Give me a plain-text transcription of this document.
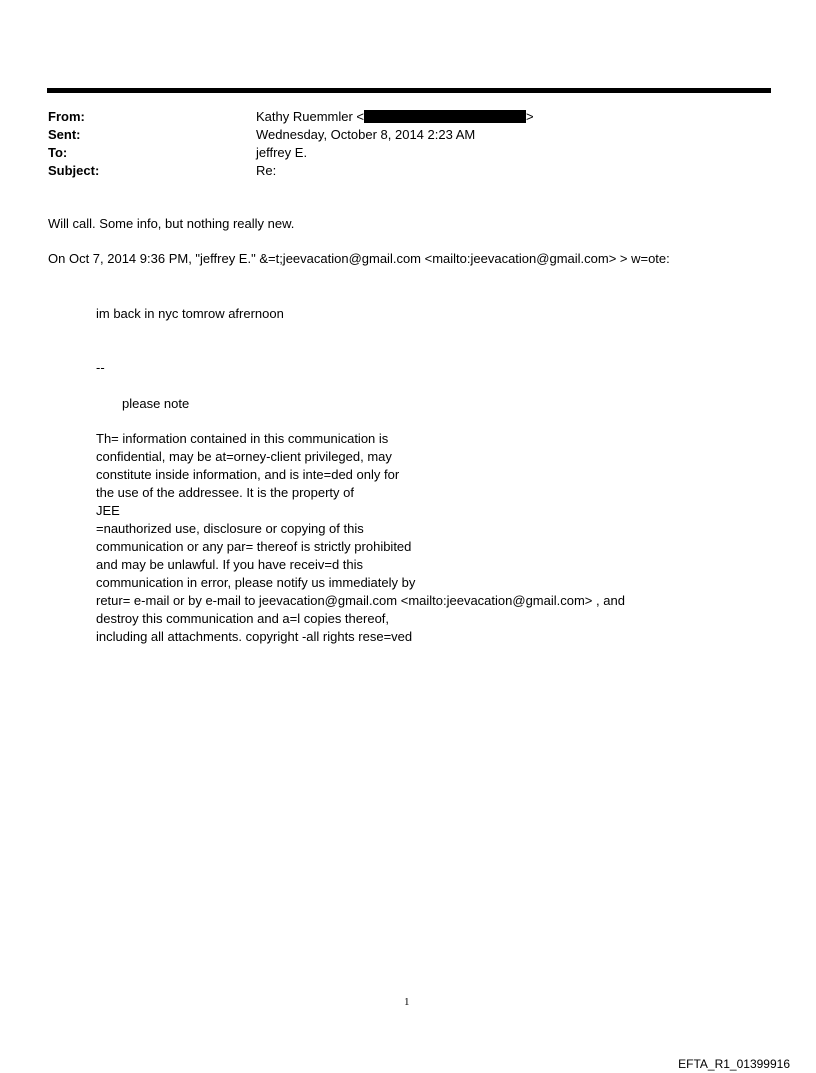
From:	Kathy Ruemmler <	>
Sent:	Wednesday, October 8, 2014 2:23 AM
To:	jeffrey E.
Subject:	Re:
Will call. Some info, but nothing really new.
On Oct 7, 2014 9:36 PM, "jeffrey E." &=t;jeevacation@gmail.com <mailto:jeevacation@gmail.com> > w=ote:
im back in nyc tomrow afrernoon
--
please note
Th= information contained in this communication is
confidential, may be at=orney-client privileged, may
constitute inside information, and is inte=ded only for
the use of the addressee. It is the property of
JEE
=nauthorized use, disclosure or copying of this
communication or any par= thereof is strictly prohibited
and may be unlawful. If you have receiv=d this
communication in error, please notify us immediately by
retur= e-mail or by e-mail to jeevacation@gmail.com <mailto:jeevacation@gmail.com> , and
destroy this communication and a=l copies thereof,
including all attachments. copyright -all rights rese=ved
1
EFTA_R1_01399916
